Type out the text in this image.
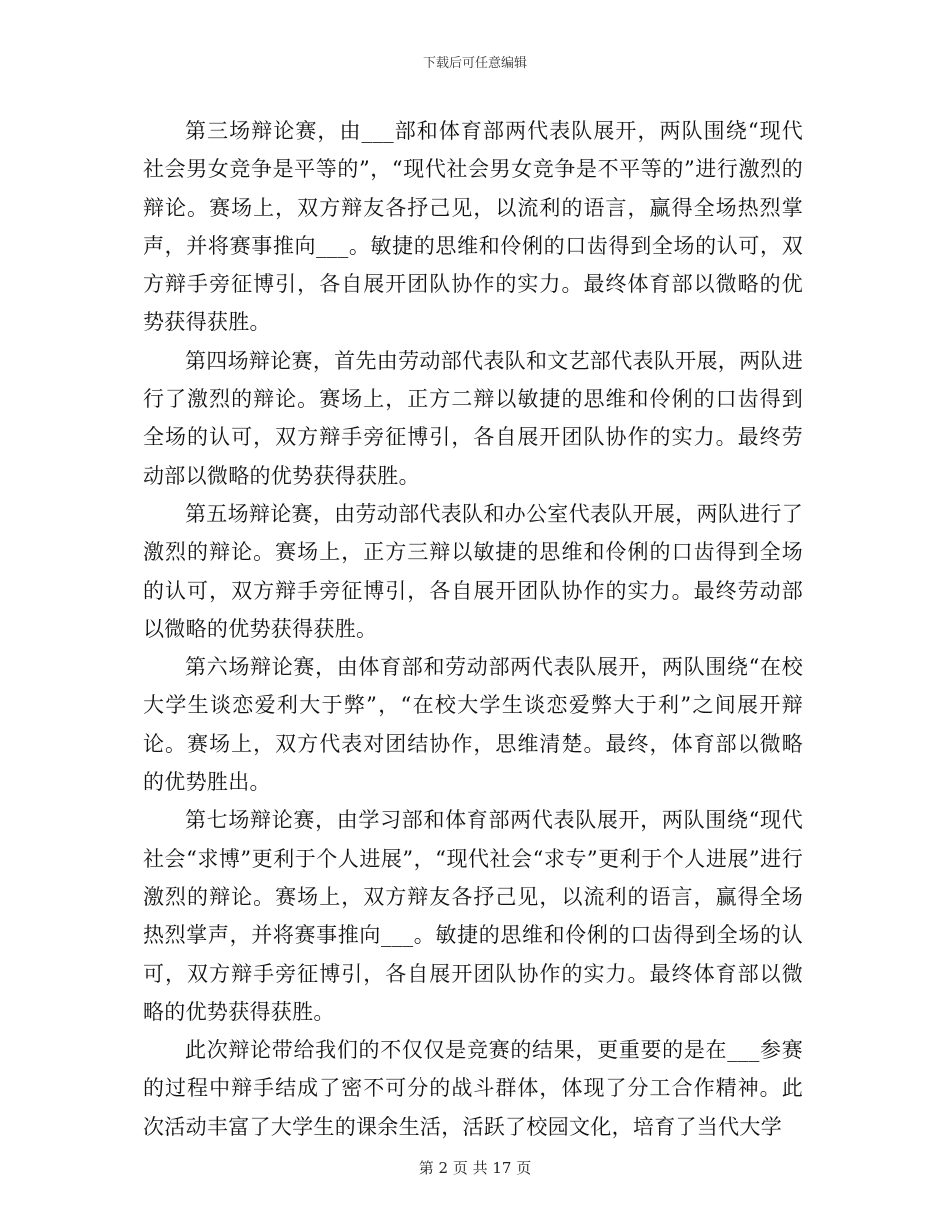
下载后可任意编辑

第三场辩论赛，由___部和体育部两代表队展开，两队围绕“现代社会男女竞争是平等的”，“现代社会男女竞争是不平等的”进行激烈的辩论。赛场上，双方辩友各抒己见，以流利的语言，赢得全场热烈掌声，并将赛事推向___。敏捷的思维和伶俐的口齿得到全场的认可，双方辩手旁征博引，各自展开团队协作的实力。最终体育部以微略的优势获得获胜。

第四场辩论赛，首先由劳动部代表队和文艺部代表队开展，两队进行了激烈的辩论。赛场上，正方二辩以敏捷的思维和伶俐的口齿得到全场的认可，双方辩手旁征博引，各自展开团队协作的实力。最终劳动部以微略的优势获得获胜。

第五场辩论赛，由劳动部代表队和办公室代表队开展，两队进行了激烈的辩论。赛场上，正方三辩以敏捷的思维和伶俐的口齿得到全场的认可，双方辩手旁征博引，各自展开团队协作的实力。最终劳动部以微略的优势获得获胜。

第六场辩论赛，由体育部和劳动部两代表队展开，两队围绕“在校大学生谈恋爱利大于弊”，“在校大学生谈恋爱弊大于利”之间展开辩论。赛场上，双方代表对团结协作，思维清楚。最终，体育部以微略的优势胜出。

第七场辩论赛，由学习部和体育部两代表队展开，两队围绕“现代社会“求博”更利于个人进展”，“现代社会“求专”更利于个人进展”进行激烈的辩论。赛场上，双方辩友各抒己见，以流利的语言，赢得全场热烈掌声，并将赛事推向___。敏捷的思维和伶俐的口齿得到全场的认可，双方辩手旁征博引，各自展开团队协作的实力。最终体育部以微略的优势获得获胜。

此次辩论带给我们的不仅仅是竞赛的结果，更重要的是在___参赛的过程中辩手结成了密不可分的战斗群体，体现了分工合作精神。此次活动丰富了大学生的课余生活，活跃了校园文化，培育了当代大学

第 2 页 共 17 页
